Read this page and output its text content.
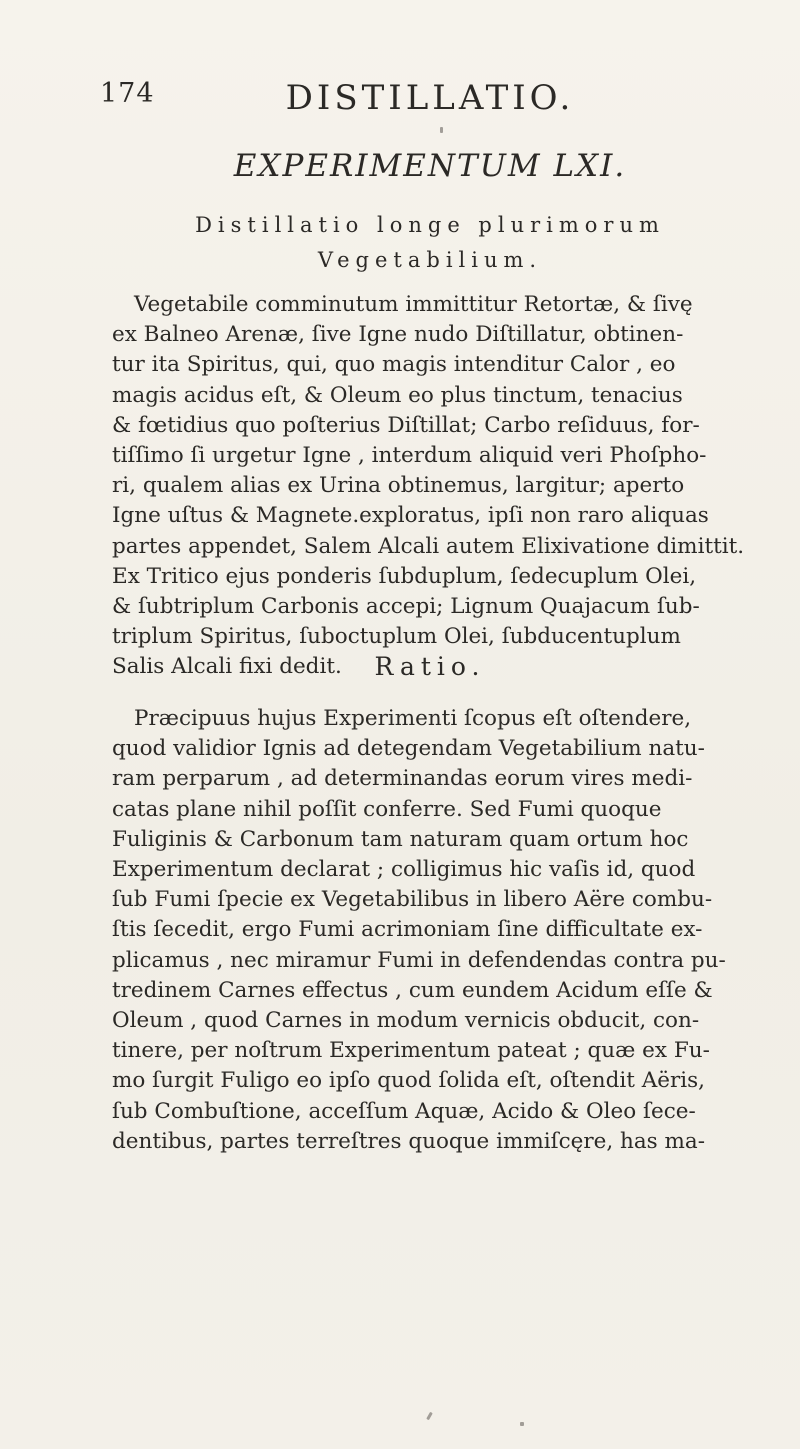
174	DISTILLATIO.
EXPERIMENTUM LXI.
Distillatio longe plurimorum
Vegetabilium.
Vegetabile comminutum immittitur Retortæ, & ſivę
ex Balneo Arenæ, ſive Igne nudo Diſtillatur, obtinen-
tur ita Spiritus, qui, quo magis intenditur Calor , eo
magis acidus eſt, & Oleum eo plus tinctum, tenacius
& fœtidius quo poſterius Diſtillat; Carbo reſiduus, for-
tiſſimo ſi urgetur Igne , interdum aliquid veri Phoſpho-
ri, qualem alias ex Urina obtinemus, largitur; aperto
Igne uſtus & Magnete.exploratus, ipſi non raro aliquas
partes appendet, Salem Alcali autem Elixivatione dimittit.
Ex Tritico ejus ponderis ſubduplum, ſedecuplum Olei,
& ſubtriplum Carbonis accepi; Lignum Quajacum ſub-
triplum Spiritus, ſuboctuplum Olei, ſubducentuplum
Salis Alcali fixi dedit.	Ratio.
Præcipuus hujus Experimenti ſcopus eſt oſtendere,
quod validior Ignis ad detegendam Vegetabilium natu-
ram perparum , ad determinandas eorum vires medi-
catas plane nihil poſſit conferre. Sed Fumi quoque
Fuliginis & Carbonum tam naturam quam ortum hoc
Experimentum declarat ; colligimus hic vaſis id, quod
ſub Fumi ſpecie ex Vegetabilibus in libero Aëre combu-
ſtis ſecedit, ergo Fumi acrimoniam ſine difficultate ex-
plicamus , nec miramur Fumi in defendendas contra pu-
tredinem Carnes effectus , cum eundem Acidum eſſe &
Oleum , quod Carnes in modum vernicis obducit, con-
tinere, per noſtrum Experimentum pateat ; quæ ex Fu-
mo ſurgit Fuligo eo ipſo quod ſolida eſt, oſtendit Aëris,
ſub Combuſtione, acceſſum Aquæ, Acido & Oleo ſece-
dentibus, partes terreſtres quoque immiſcęre, has ma-
